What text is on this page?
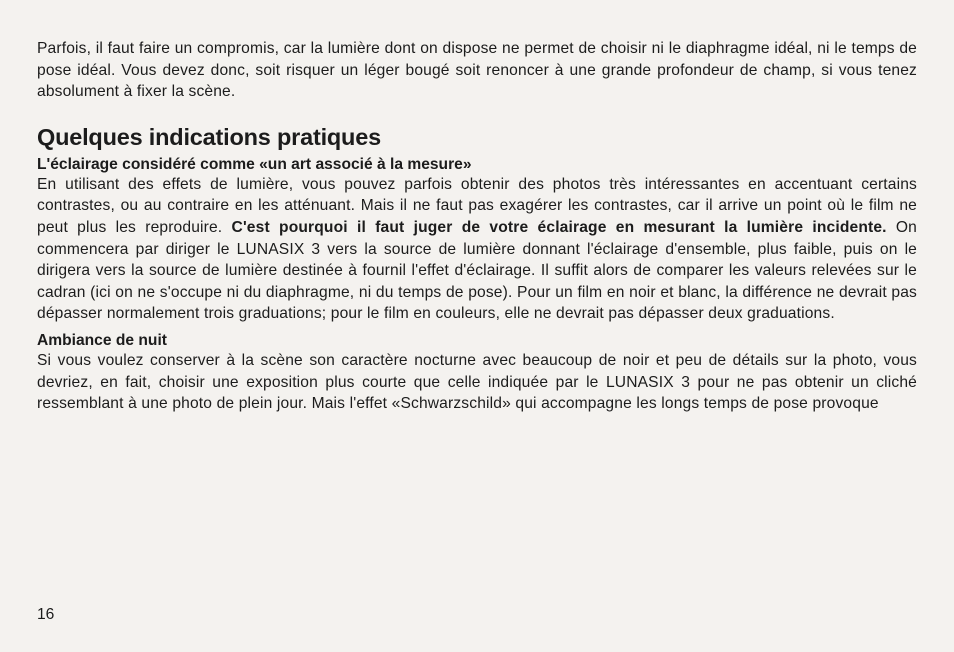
Parfois, il faut faire un compromis, car la lumière dont on dispose ne permet de choisir ni le diaphragme idéal, ni le temps de pose idéal. Vous devez donc, soit risquer un léger bougé soit renoncer à une grande profondeur de champ, si vous tenez absolument à fixer la scène.

Quelques indications pratiques
L'éclairage considéré comme «un art associé à la mesure»

En utilisant des effets de lumière, vous pouvez parfois obtenir des photos très intéressantes en accentuant certains contrastes, ou au contraire en les atténuant. Mais il ne faut pas exagérer les contrastes, car il arrive un point où le film ne peut plus les reproduire. C'est pourquoi il faut juger de votre éclairage en mesurant la lumière incidente. On commencera par diriger le LUNASIX 3 vers la source de lumière donnant l'éclairage d'ensemble, plus faible, puis on le dirigera vers la source de lumière destinée à fournil l'effet d'éclairage. Il suffit alors de comparer les valeurs relevées sur le cadran (ici on ne s'occupe ni du diaphragme, ni du temps de pose). Pour un film en noir et blanc, la différence ne devrait pas dépasser normalement trois graduations; pour le film en couleurs, elle ne devrait pas dépasser deux graduations.

Ambiance de nuit

Si vous voulez conserver à la scène son caractère nocturne avec beaucoup de noir et peu de détails sur la photo, vous devriez, en fait, choisir une exposition plus courte que celle indiquée par le LUNASIX 3 pour ne pas obtenir un cliché ressemblant à une photo de plein jour. Mais l'effet «Schwarzschild» qui accompagne les longs temps de pose provoque

16
